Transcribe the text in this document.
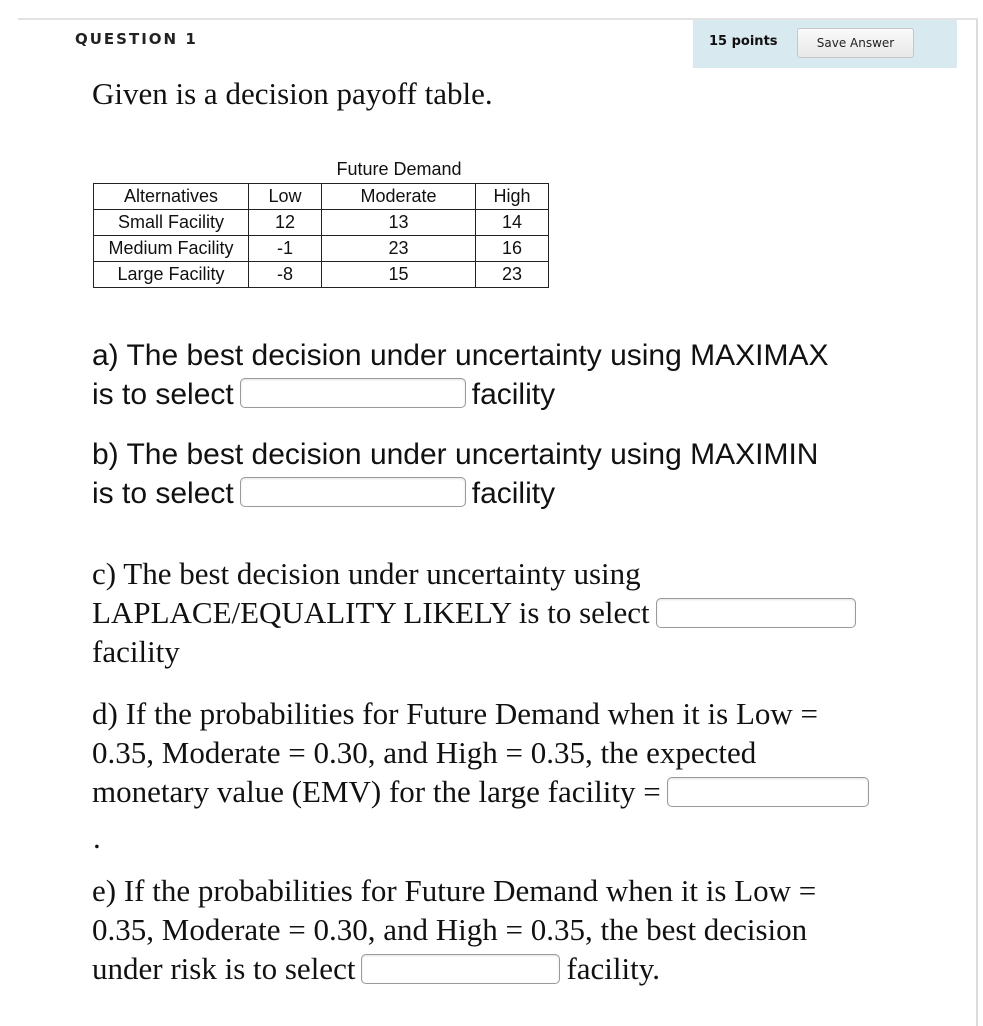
QUESTION 1	15 points	Save Answer
Given is a decision payoff table.
Future Demand
Alternatives	Low	Moderate	High
Small Facility	12	13	14
Medium Facility	-1	23	16
Large Facility	-8	15	23
a) The best decision under uncertainty using MAXIMAX
is to select	facility
b) The best decision under uncertainty using MAXIMIN
is to select	facility
c) The best decision under uncertainty using
LAPLACE/EQUALITY LIKELY is to select
facility
d) If the probabilities for Future Demand when it is Low =
0.35, Moderate = 0.30, and High = 0.35, the expected
monetary value (EMV) for the large facility =
.
e) If the probabilities for Future Demand when it is Low =
0.35, Moderate = 0.30, and High = 0.35, the best decision
under risk is to select	facility.
